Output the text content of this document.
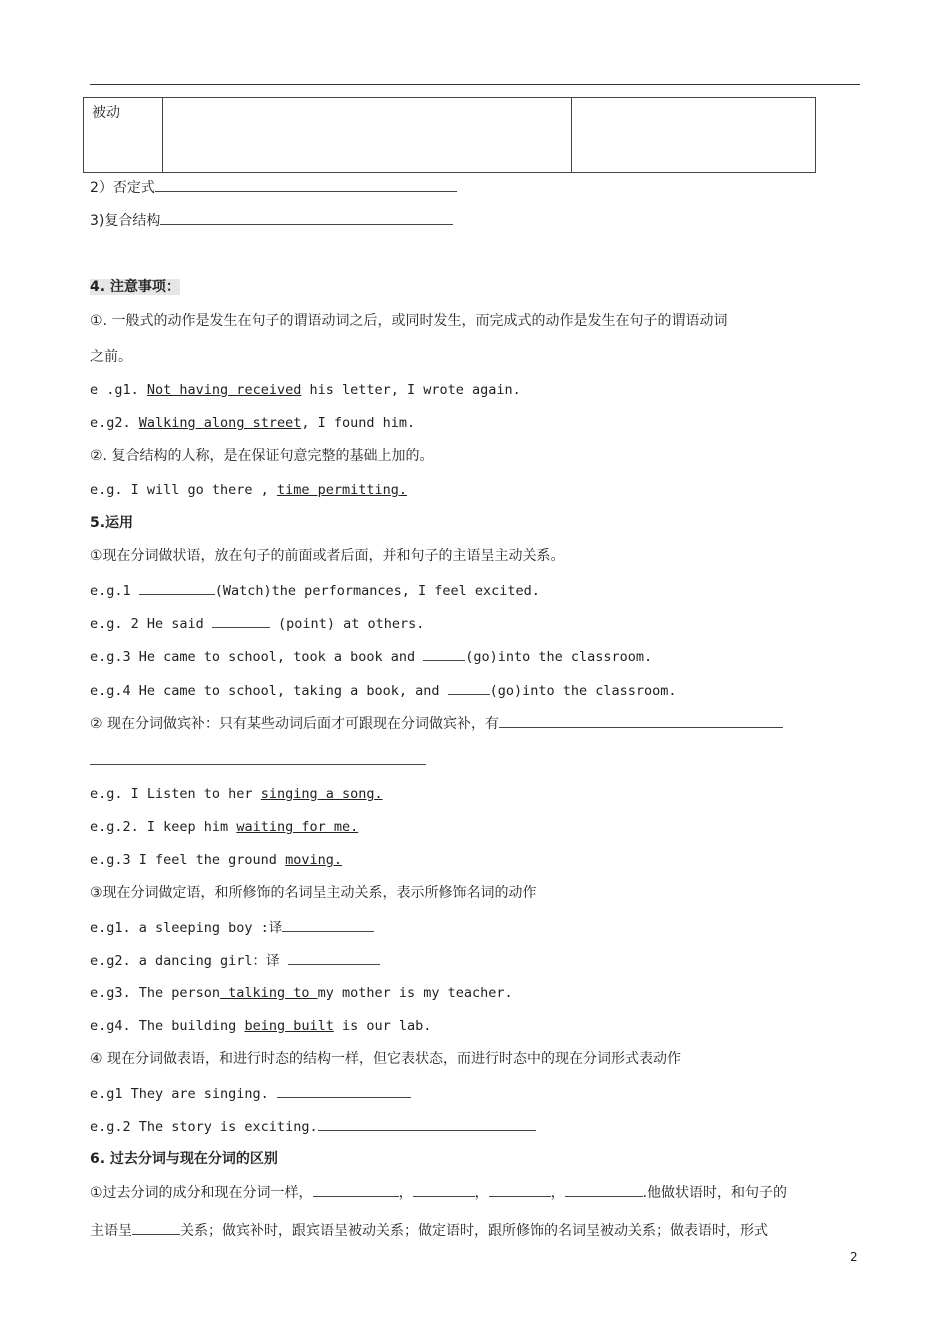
被动		
2）否定式
3)复合结构
4. 注意事项：
①. 一般式的动作是发生在句子的谓语动词之后，或同时发生，而完成式的动作是发生在句子的谓语动词
之前。
e .g1. Not having received his letter, I wrote again.
e.g2. Walking along street, I found him.
②. 复合结构的人称，是在保证句意完整的基础上加的。
e.g. I will go there , time permitting.
5.运用
①现在分词做状语，放在句子的前面或者后面，并和句子的主语呈主动关系。
e.g.1	(Watch)the performances, I feel excited.
e.g. 2 He said	(point) at others.
e.g.3 He came to school, took a book and	(go)into the classroom.
e.g.4 He came to school, taking a book, and	(go)into the classroom.
② 现在分词做宾补：只有某些动词后面才可跟现在分词做宾补，有
e.g. I Listen to her singing a song.
e.g.2. I keep him waiting for me.
e.g.3 I feel the ground moving.
③现在分词做定语，和所修饰的名词呈主动关系，表示所修饰名词的动作
e.g1. a sleeping boy :译
e.g2. a dancing girl：译
e.g3. The person talking to my mother is my teacher.
e.g4. The building being built is our lab.
④ 现在分词做表语，和进行时态的结构一样，但它表状态，而进行时态中的现在分词形式表动作
e.g1 They are singing.
e.g.2 The story is exciting.
6. 过去分词与现在分词的区别
①过去分词的成分和现在分词一样，	，	，	，	.他做状语时，和句子的
主语呈	关系；做宾补时，跟宾语呈被动关系；做定语时，跟所修饰的名词呈被动关系；做表语时，形式
2
